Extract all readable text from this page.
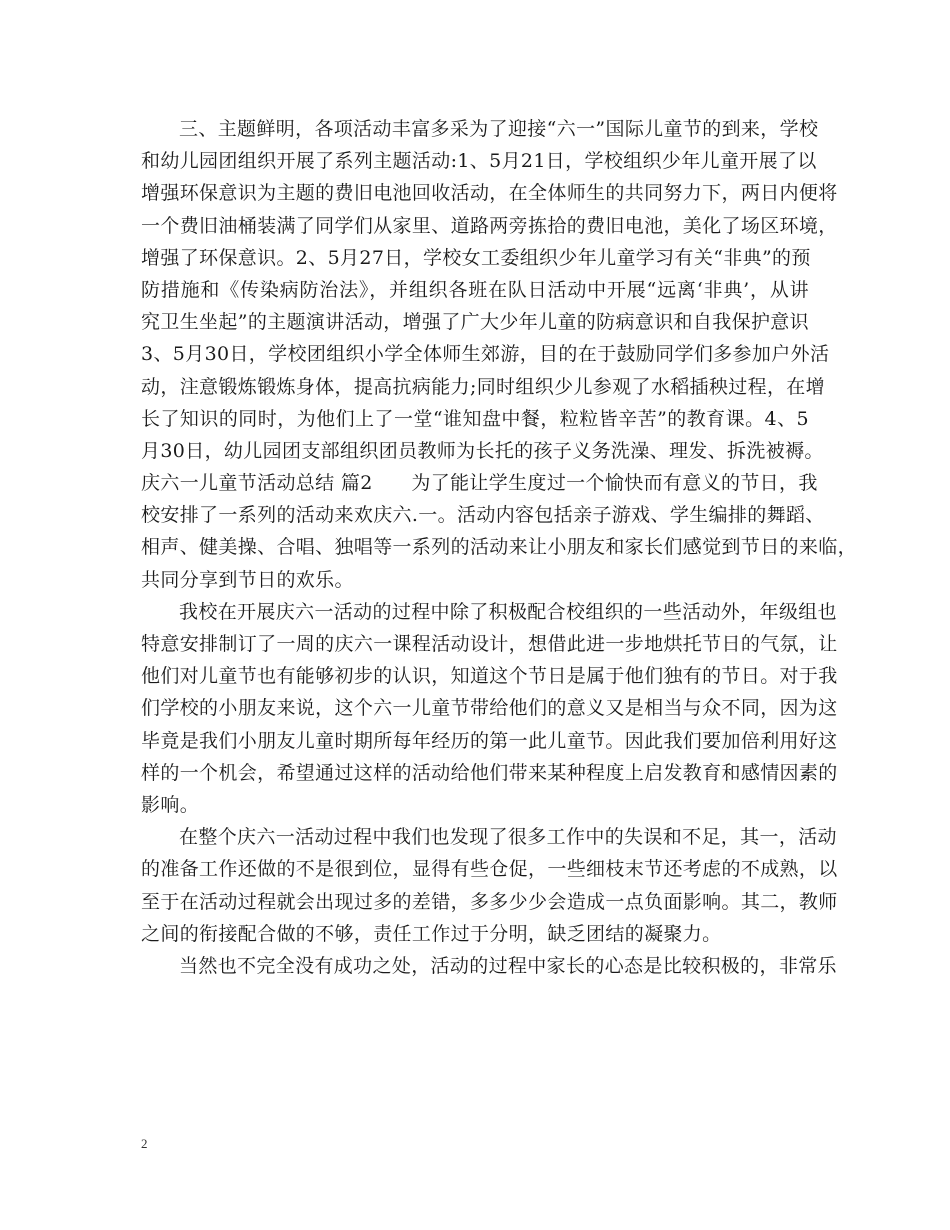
三、主题鲜明，各项活动丰富多采为了迎接“六一”国际儿童节的到来，学校
和幼儿园团组织开展了系列主题活动:1、5月21日，学校组织少年儿童开展了以
增强环保意识为主题的费旧电池回收活动，在全体师生的共同努力下，两日内便将
一个费旧油桶装满了同学们从家里、道路两旁拣拾的费旧电池，美化了场区环境，
增强了环保意识。2、5月27日，学校女工委组织少年儿童学习有关“非典”的预
防措施和《传染病防治法》，并组织各班在队日活动中开展“远离‘非典’，从讲
究卫生坐起”的主题演讲活动，增强了广大少年儿童的防病意识和自我保护意识
3、5月30日，学校团组织小学全体师生郊游，目的在于鼓励同学们多参加户外活
动，注意锻炼锻炼身体，提高抗病能力;同时组织少儿参观了水稻插秧过程，在增
长了知识的同时，为他们上了一堂“谁知盘中餐，粒粒皆辛苦”的教育课。4、5
月30日，幼儿园团支部组织团员教师为长托的孩子义务洗澡、理发、拆洗被褥。
庆六一儿童节活动总结 篇2　　为了能让学生度过一个愉快而有意义的节日，我
校安排了一系列的活动来欢庆六.一。活动内容包括亲子游戏、学生编排的舞蹈、
相声、健美操、合唱、独唱等一系列的活动来让小朋友和家长们感觉到节日的来临，
共同分享到节日的欢乐。
我校在开展庆六一活动的过程中除了积极配合校组织的一些活动外，年级组也
特意安排制订了一周的庆六一课程活动设计，想借此进一步地烘托节日的气氛，让
他们对儿童节也有能够初步的认识，知道这个节日是属于他们独有的节日。对于我
们学校的小朋友来说，这个六一儿童节带给他们的意义又是相当与众不同，因为这
毕竟是我们小朋友儿童时期所每年经历的第一此儿童节。因此我们要加倍利用好这
样的一个机会，希望通过这样的活动给他们带来某种程度上启发教育和感情因素的
影响。
在整个庆六一活动过程中我们也发现了很多工作中的失误和不足，其一，活动
的准备工作还做的不是很到位，显得有些仓促，一些细枝末节还考虑的不成熟，以
至于在活动过程就会出现过多的差错，多多少少会造成一点负面影响。其二，教师
之间的衔接配合做的不够，责任工作过于分明，缺乏团结的凝聚力。
当然也不完全没有成功之处，活动的过程中家长的心态是比较积极的，非常乐
2
